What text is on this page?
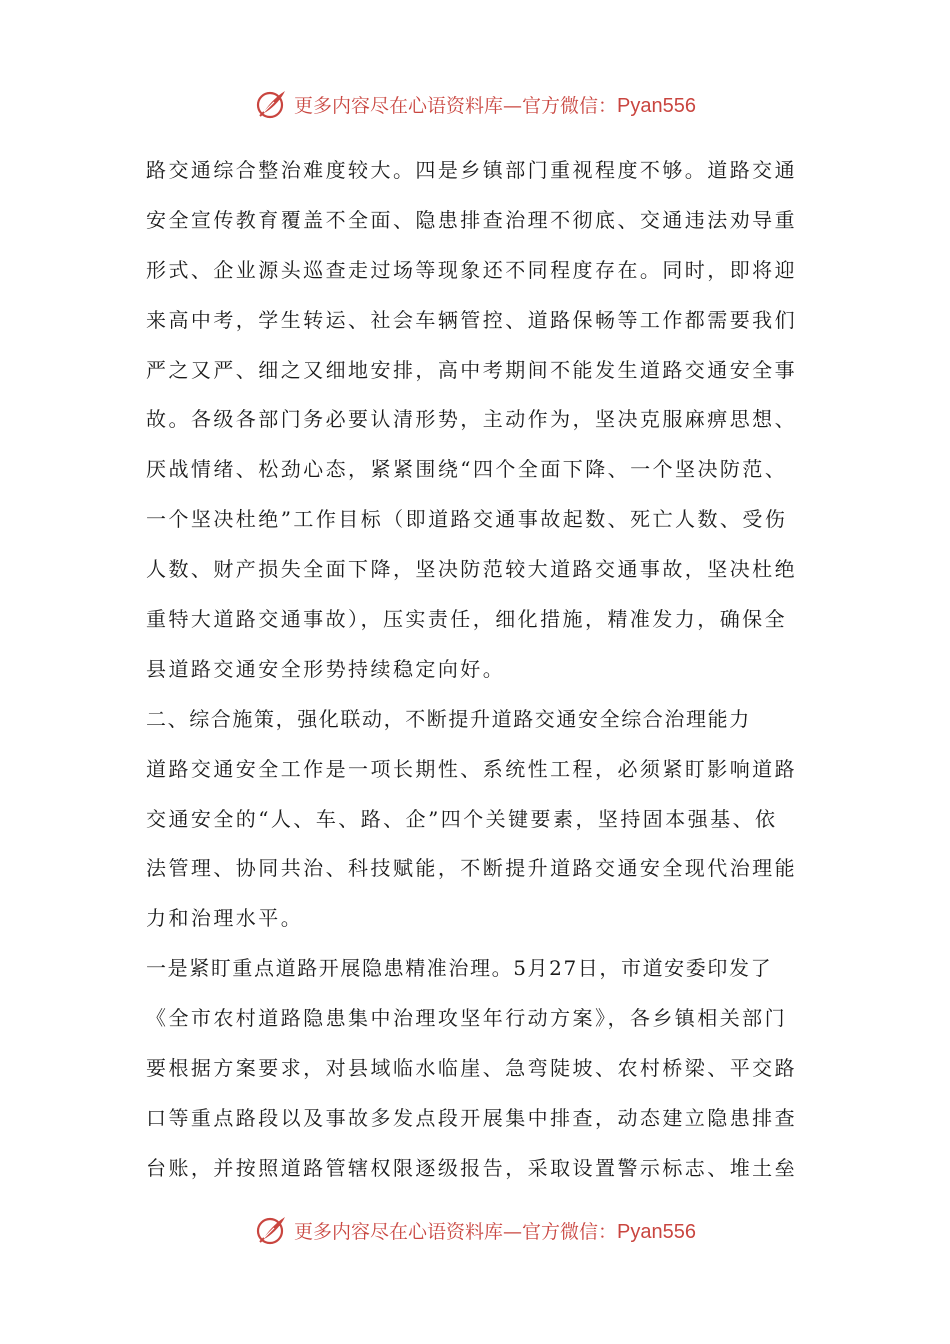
更多内容尽在心语资料库—官方微信：Pyan556
路交通综合整治难度较大。四是乡镇部门重视程度不够。道路交通
安全宣传教育覆盖不全面、隐患排查治理不彻底、交通违法劝导重
形式、企业源头巡查走过场等现象还不同程度存在。同时，即将迎
来高中考，学生转运、社会车辆管控、道路保畅等工作都需要我们
严之又严、细之又细地安排，高中考期间不能发生道路交通安全事
故。各级各部门务必要认清形势，主动作为，坚决克服麻痹思想、
厌战情绪、松劲心态，紧紧围绕“四个全面下降、一个坚决防范、
一个坚决杜绝”工作目标（即道路交通事故起数、死亡人数、受伤
人数、财产损失全面下降，坚决防范较大道路交通事故，坚决杜绝
重特大道路交通事故），压实责任，细化措施，精准发力，确保全
县道路交通安全形势持续稳定向好。
二、综合施策，强化联动，不断提升道路交通安全综合治理能力
道路交通安全工作是一项长期性、系统性工程，必须紧盯影响道路
交通安全的“人、车、路、企”四个关键要素，坚持固本强基、依
法管理、协同共治、科技赋能，不断提升道路交通安全现代治理能
力和治理水平。
一是紧盯重点道路开展隐患精准治理。5月27日，市道安委印发了
《全市农村道路隐患集中治理攻坚年行动方案》，各乡镇相关部门
要根据方案要求，对县域临水临崖、急弯陡坡、农村桥梁、平交路
口等重点路段以及事故多发点段开展集中排查，动态建立隐患排查
台账，并按照道路管辖权限逐级报告，采取设置警示标志、堆土垒
更多内容尽在心语资料库—官方微信：Pyan556
